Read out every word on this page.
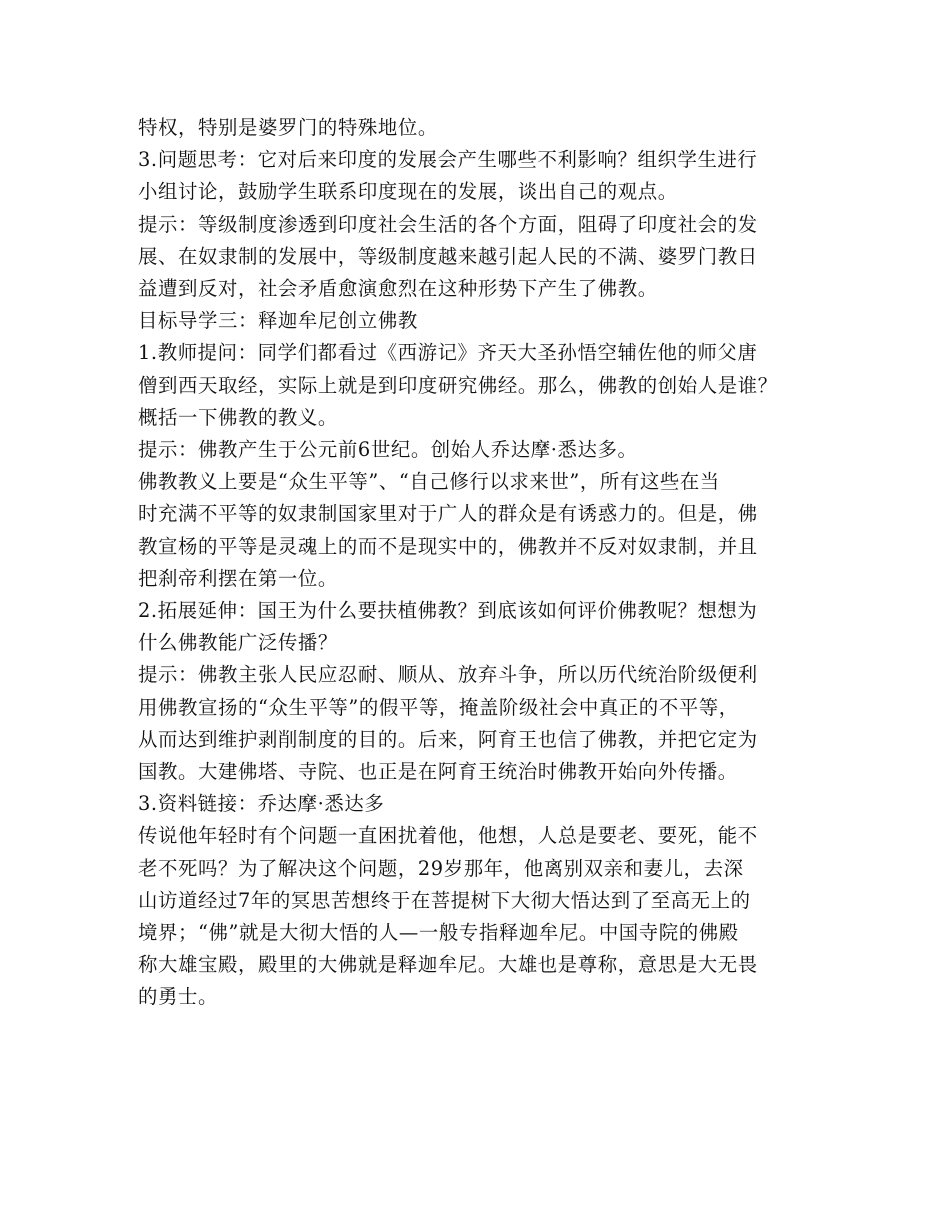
特权，特别是婆罗门的特殊地位。
3.问题思考：它对后来印度的发展会产生哪些不利影响？组织学生进行
小组讨论，鼓励学生联系印度现在的发展，谈出自己的观点。
提示：等级制度渗透到印度社会生活的各个方面，阻碍了印度社会的发
展、在奴隶制的发展中，等级制度越来越引起人民的不满、婆罗门教日
益遭到反对，社会矛盾愈演愈烈在这种形势下产生了佛教。
目标导学三：释迦牟尼创立佛教
1.教师提问：同学们都看过《西游记》齐天大圣孙悟空辅佐他的师父唐
僧到西天取经，实际上就是到印度研究佛经。那么，佛教的创始人是谁？
概括一下佛教的教义。
提示：佛教产生于公元前6世纪。创始人乔达摩·悉达多。
佛教教义上要是“众生平等”、“自己修行以求来世”，所有这些在当
时充满不平等的奴隶制国家里对于广人的群众是有诱惑力的。但是，佛
教宣杨的平等是灵魂上的而不是现实中的，佛教并不反对奴隶制，并且
把刹帝利摆在第一位。
2.拓展延伸：国王为什么要扶植佛教？到底该如何评价佛教呢？想想为
什么佛教能广泛传播？
提示：佛教主张人民应忍耐、顺从、放弃斗争，所以历代统治阶级便利
用佛教宣扬的“众生平等”的假平等，掩盖阶级社会中真正的不平等，
从而达到维护剥削制度的目的。后来，阿育王也信了佛教，并把它定为
国教。大建佛塔、寺院、也正是在阿育王统治时佛教开始向外传播。
3.资料链接：乔达摩·悉达多
传说他年轻时有个问题一直困扰着他，他想，人总是要老、要死，能不
老不死吗？为了解决这个问题，29岁那年，他离别双亲和妻儿，去深
山访道经过7年的冥思苦想终于在菩提树下大彻大悟达到了至高无上的
境界；“佛”就是大彻大悟的人—一般专指释迦牟尼。中国寺院的佛殿
称大雄宝殿，殿里的大佛就是释迦牟尼。大雄也是尊称，意思是大无畏
的勇士。
